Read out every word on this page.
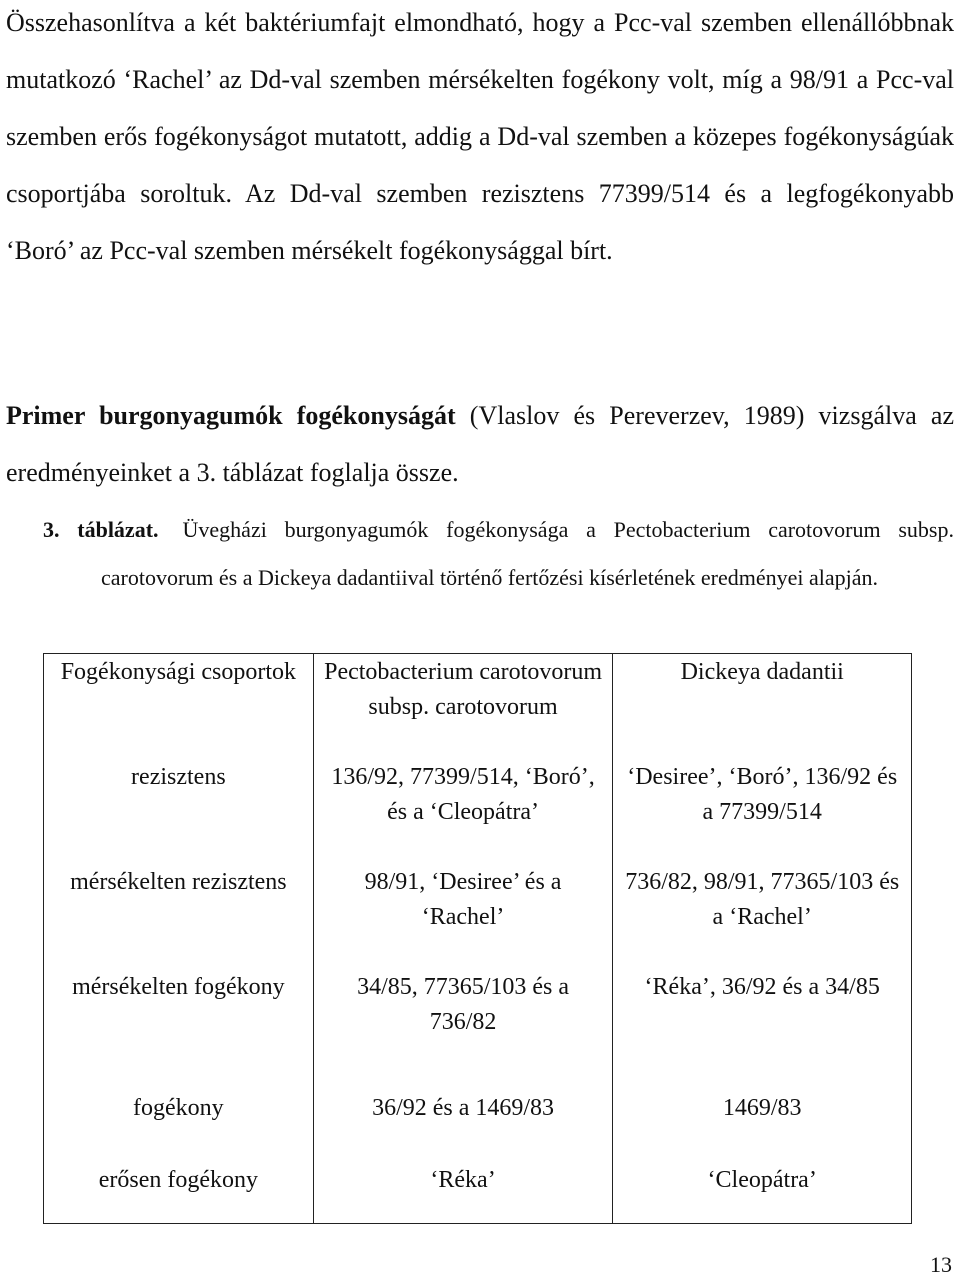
Összehasonlítva a két baktériumfajt elmondható, hogy a Pcc-val szemben ellenállóbbnak mutatkozó ‘Rachel’ az Dd-val szemben mérsékelten fogékony volt, míg a 98/91 a Pcc-val szemben erős fogékonyságot mutatott, addig a Dd-val szemben a közepes fogékonyságúak csoportjába soroltuk. Az Dd-val szemben rezisztens 77399/514 és a legfogékonyabb ‘Boró’ az Pcc-val szemben mérsékelt fogékonysággal bírt.

Primer burgonyagumók fogékonyságát (Vlaslov és Pereverzev, 1989) vizsgálva az eredményeinket a 3. táblázat foglalja össze.

3. táblázat. Üvegházi burgonyagumók fogékonysága a Pectobacterium carotovorum subsp. carotovorum és a Dickeya dadantiival történő fertőzési kísérletének eredményei alapján.

Fogékonysági csoportok	Pectobacterium carotovorum subsp. carotovorum	Dickeya dadantii
rezisztens	136/92, 77399/514, ‘Boró’, és a ‘Cleopátra’	‘Desiree’, ‘Boró’, 136/92 és a 77399/514
mérsékelten rezisztens	98/91, ‘Desiree’ és a ‘Rachel’	736/82, 98/91, 77365/103 és a ‘Rachel’
mérsékelten fogékony	34/85, 77365/103 és a 736/82	‘Réka’, 36/92 és a 34/85
fogékony	36/92 és a 1469/83	1469/83
erősen fogékony	‘Réka’	‘Cleopátra’
13
